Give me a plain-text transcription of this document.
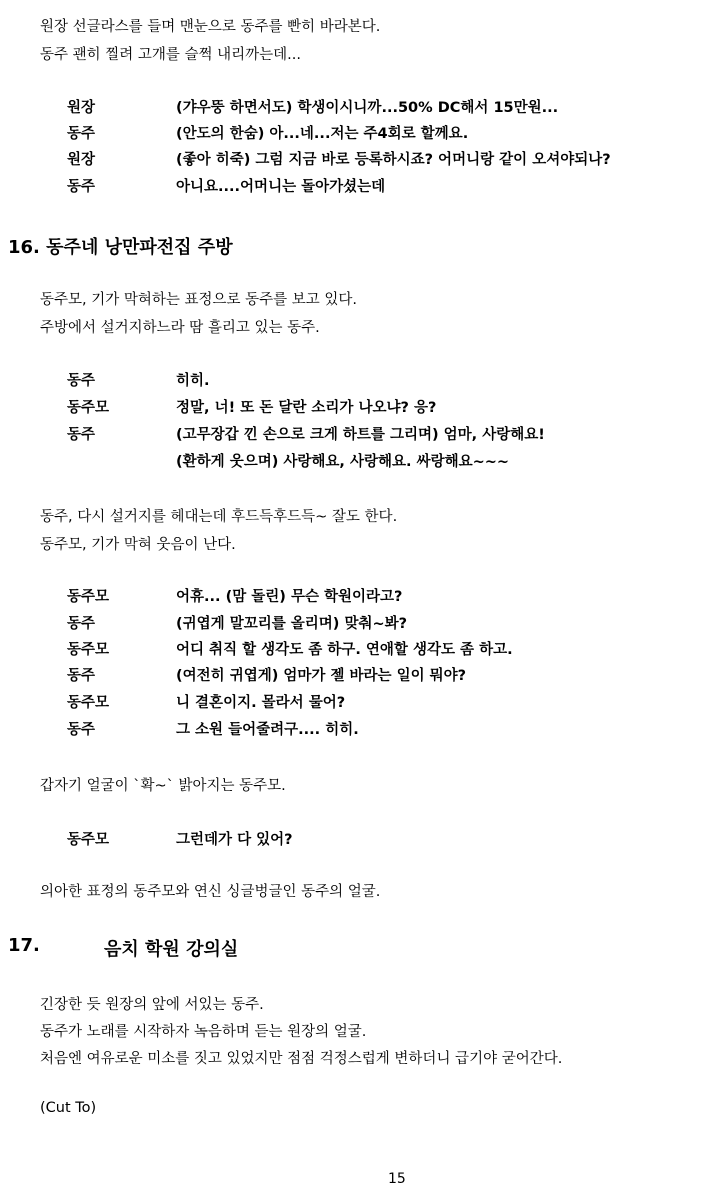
원장 선글라스를 들며 맨눈으로 동주를 빤히 바라본다.
동주 괜히 찔려 고개를 슬쩍 내리까는데...
원장	(갸우뚱 하면서도) 학생이시니까...50% DC해서 15만원...
동주	(안도의 한숨) 아...네...저는 주4회로 할께요.
원장	(좋아 히죽) 그럼 지금 바로 등록하시죠? 어머니랑 같이 오셔야되나?
동주	아니요....어머니는 돌아가셨는데
16. 동주네 낭만파전집 주방
동주모, 기가 막혀하는 표정으로 동주를 보고 있다.
주방에서 설거지하느라 땀 흘리고 있는 동주.
동주	히히.
동주모	정말, 너! 또 돈 달란 소리가 나오냐? 응?
동주	(고무장갑 낀 손으로 크게 하트를 그리며) 엄마, 사랑해요!
(환하게 웃으며) 사랑해요, 사랑해요. 싸랑해요~~~
동주, 다시 설거지를 헤대는데 후드득후드득~ 잘도 한다.
동주모, 기가 막혀 웃음이 난다.
동주모	어휴... (맘 돌린) 무슨 학원이라고?
동주	(귀엽게 말꼬리를 올리며) 맞춰~봐?
동주모	어디 취직 할 생각도 좀 하구. 연애할 생각도 좀 하고.
동주	(여전히 귀엽게) 엄마가 젤 바라는 일이 뭐야?
동주모	니 결혼이지. 몰라서 물어?
동주	그 소원 들어줄려구.... 히히.
갑자기 얼굴이 `확~` 밝아지는 동주모.
동주모	그런데가 다 있어?
의아한 표정의 동주모와 연신 싱글벙글인 동주의 얼굴.
17.	음치 학원 강의실
긴장한 듯 원장의 앞에 서있는 동주.
동주가 노래를 시작하자 녹음하며 듣는 원장의 얼굴.
처음엔 여유로운 미소를 짓고 있었지만 점점 걱정스럽게 변하더니 급기야 굳어간다.
(Cut To)
15
